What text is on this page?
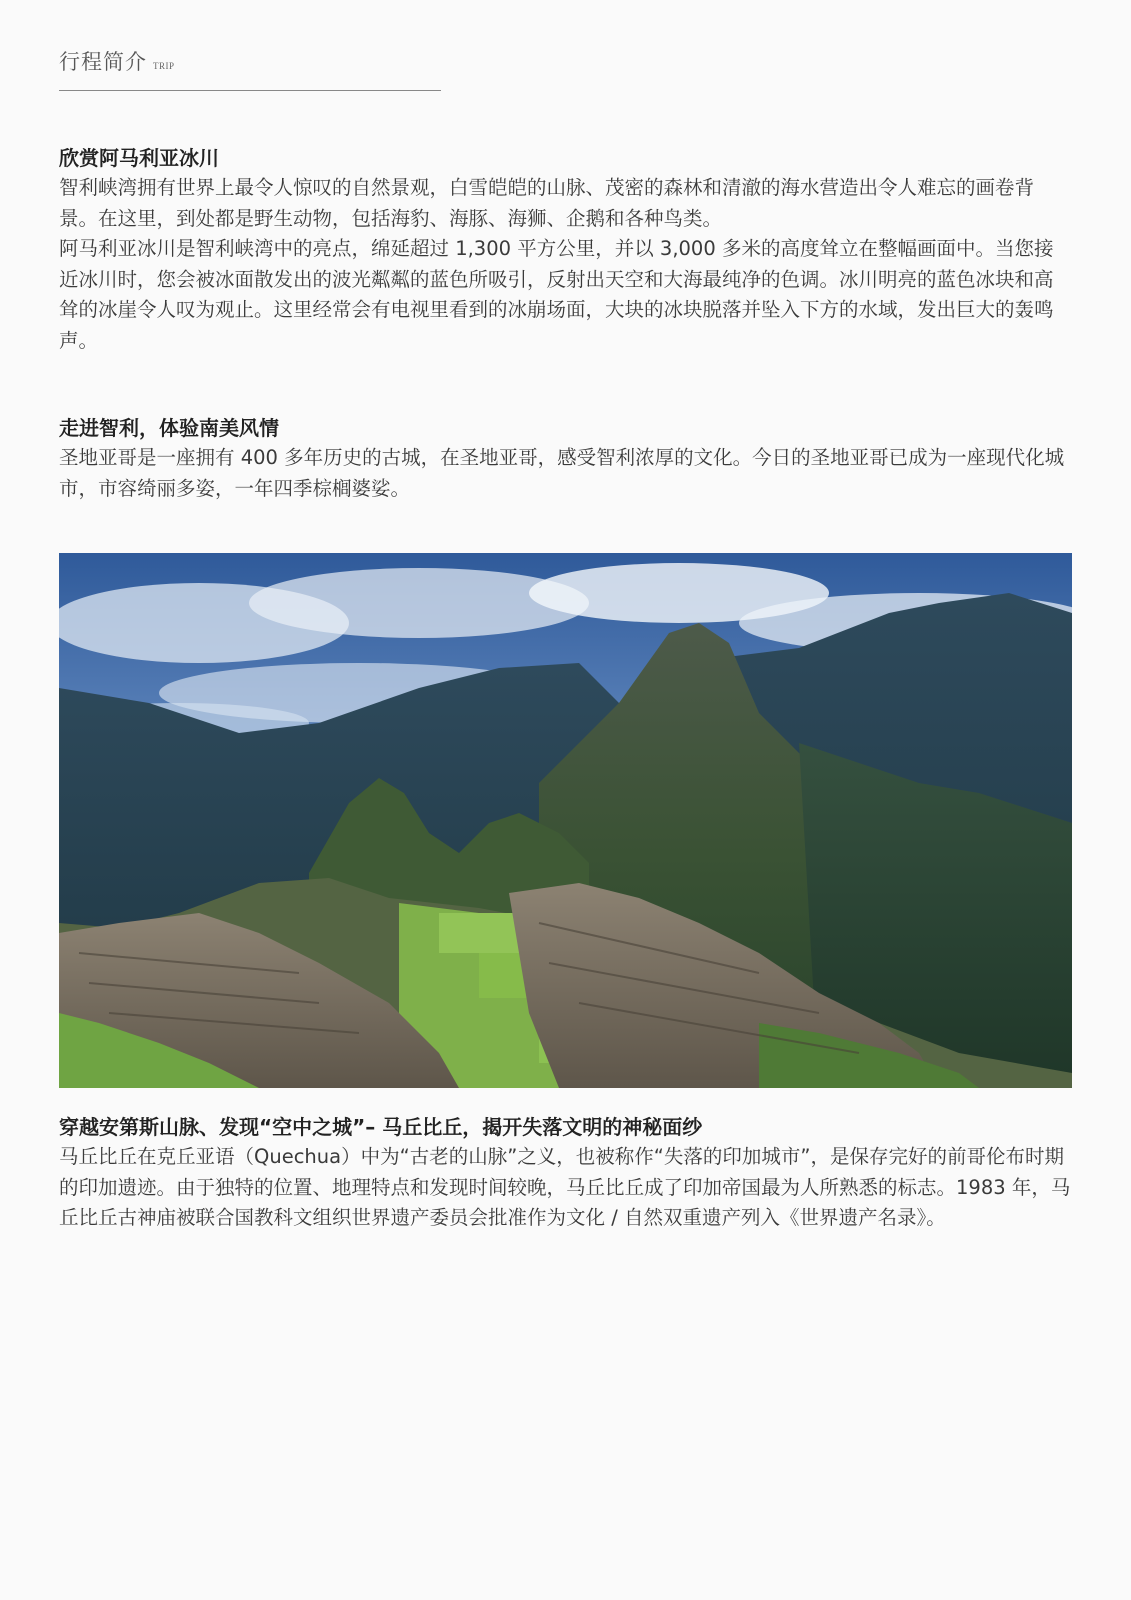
行程简介 TRIP
欣赏阿马利亚冰川

智利峡湾拥有世界上最令人惊叹的自然景观，白雪皑皑的山脉、茂密的森林和清澈的海水营造出令人难忘的画卷背景。在这里，到处都是野生动物，包括海豹、海豚、海狮、企鹅和各种鸟类。

阿马利亚冰川是智利峡湾中的亮点，绵延超过 1,300 平方公里，并以 3,000 多米的高度耸立在整幅画面中。当您接近冰川时，您会被冰面散发出的波光粼粼的蓝色所吸引，反射出天空和大海最纯净的色调。冰川明亮的蓝色冰块和高耸的冰崖令人叹为观止。这里经常会有电视里看到的冰崩场面，大块的冰块脱落并坠入下方的水域，发出巨大的轰鸣声。

走进智利，体验南美风情

圣地亚哥是一座拥有 400 多年历史的古城，在圣地亚哥，感受智利浓厚的文化。今日的圣地亚哥已成为一座现代化城市，市容绮丽多姿，一年四季棕榈婆娑。

穿越安第斯山脉、发现“空中之城”– 马丘比丘，揭开失落文明的神秘面纱

马丘比丘在克丘亚语（Quechua）中为“古老的山脉”之义，也被称作“失落的印加城市”，是保存完好的前哥伦布时期的印加遗迹。由于独特的位置、地理特点和发现时间较晚，马丘比丘成了印加帝国最为人所熟悉的标志。1983 年，马丘比丘古神庙被联合国教科文组织世界遗产委员会批准作为文化 / 自然双重遗产列入《世界遗产名录》。
